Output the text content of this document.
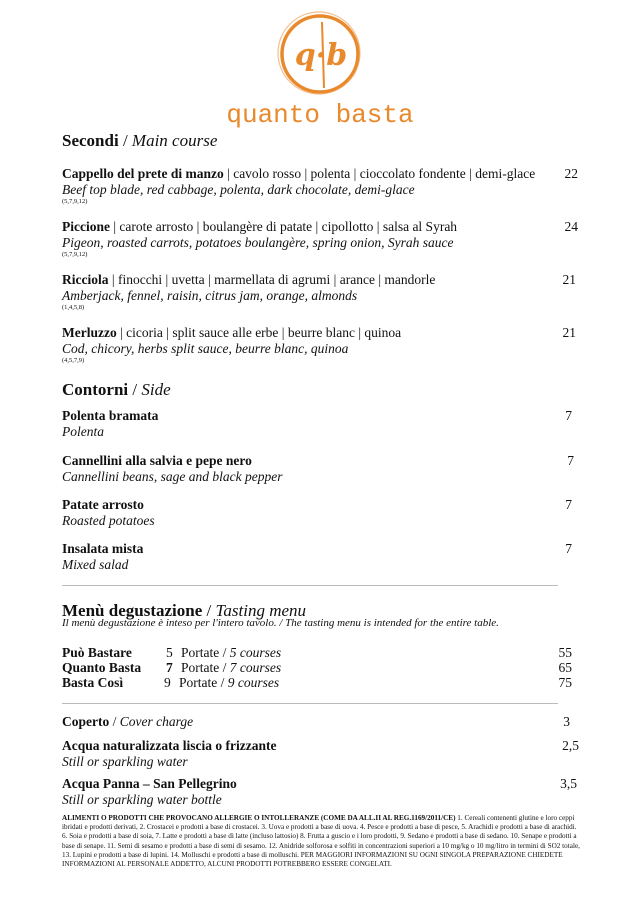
q·b
quanto basta
Secondi / Main course
Cappello del prete di manzo | cavolo rosso | polenta | cioccolato fondente | demi-glace
Beef top blade, red cabbage, polenta, dark chocolate, demi-glace
(5,7,9,12)
22
Piccione | carote arrosto | boulangère di patate | cipollotto | salsa al Syrah
Pigeon, roasted carrots, potatoes boulangère, spring onion, Syrah sauce
(5,7,9,12)
24
Ricciola | finocchi | uvetta | marmellata di agrumi | arance | mandorle
Amberjack, fennel, raisin, citrus jam, orange, almonds
(1,4,5,8)
21
Merluzzo | cicoria | split sauce alle erbe | beurre blanc | quinoa
Cod, chicory, herbs split sauce, beurre blanc, quinoa
(4,5,7,9)
21
Contorni / Side
Polenta bramata
Polenta
7
Cannellini alla salvia e pepe nero
Cannellini beans, sage and black pepper
7
Patate arrosto
Roasted potatoes
7
Insalata mista
Mixed salad
7
Menù degustazione / Tasting menu
Il menù degustazione è inteso per l'intero tavolo. / The tasting menu is intended for the entire table.
Può Bastare	5 Portate / 5 courses	55
Quanto Basta 7 Portate / 7 courses	65
Basta Così	9 Portate / 9 courses	75
Coperto / Cover charge	3
Acqua naturalizzata liscia o frizzante
Still or sparkling water
2,5
Acqua Panna – San Pellegrino
Still or sparkling water bottle
3,5
ALIMENTI O PRODOTTI CHE PROVOCANO ALLERGIE O INTOLLERANZE (COME DA ALL.II AL REG.1169/2011/CE) 1. Cereali contenenti glutine e loro ceppi ibridati e prodotti derivati, 2. Crostacei e prodotti a base di crostacei. 3. Uova e prodotti a base di uova. 4. Pesce e prodotti a base di pesce, 5. Arachidi e prodotti a base di arachidi. 6. Soia e prodotti a base di soia, 7. Latte e prodotti a base di latte (incluso lattosio) 8. Frutta a guscio e i loro prodotti, 9. Sedano e prodotti a base di sedano. 10. Senape e prodotti a base di senape. 11. Semi di sesamo e prodotti a base di semi di sesamo. 12. Anidride solforosa e solfiti in concentrazioni superiori a 10 mg/kg o 10 mg/litro in termini di SO2 totale, 13. Lupini e prodotti a base di lupini. 14. Molluschi e prodotti a base di molluschi. PER MAGGIORI INFORMAZIONI SU OGNI SINGOLA PREPARAZIONE CHIEDETE INFORMAZIONI AL PERSONALE ADDETTO, ALCUNI PRODOTTI POTREBBERO ESSERE CONGELATI.
